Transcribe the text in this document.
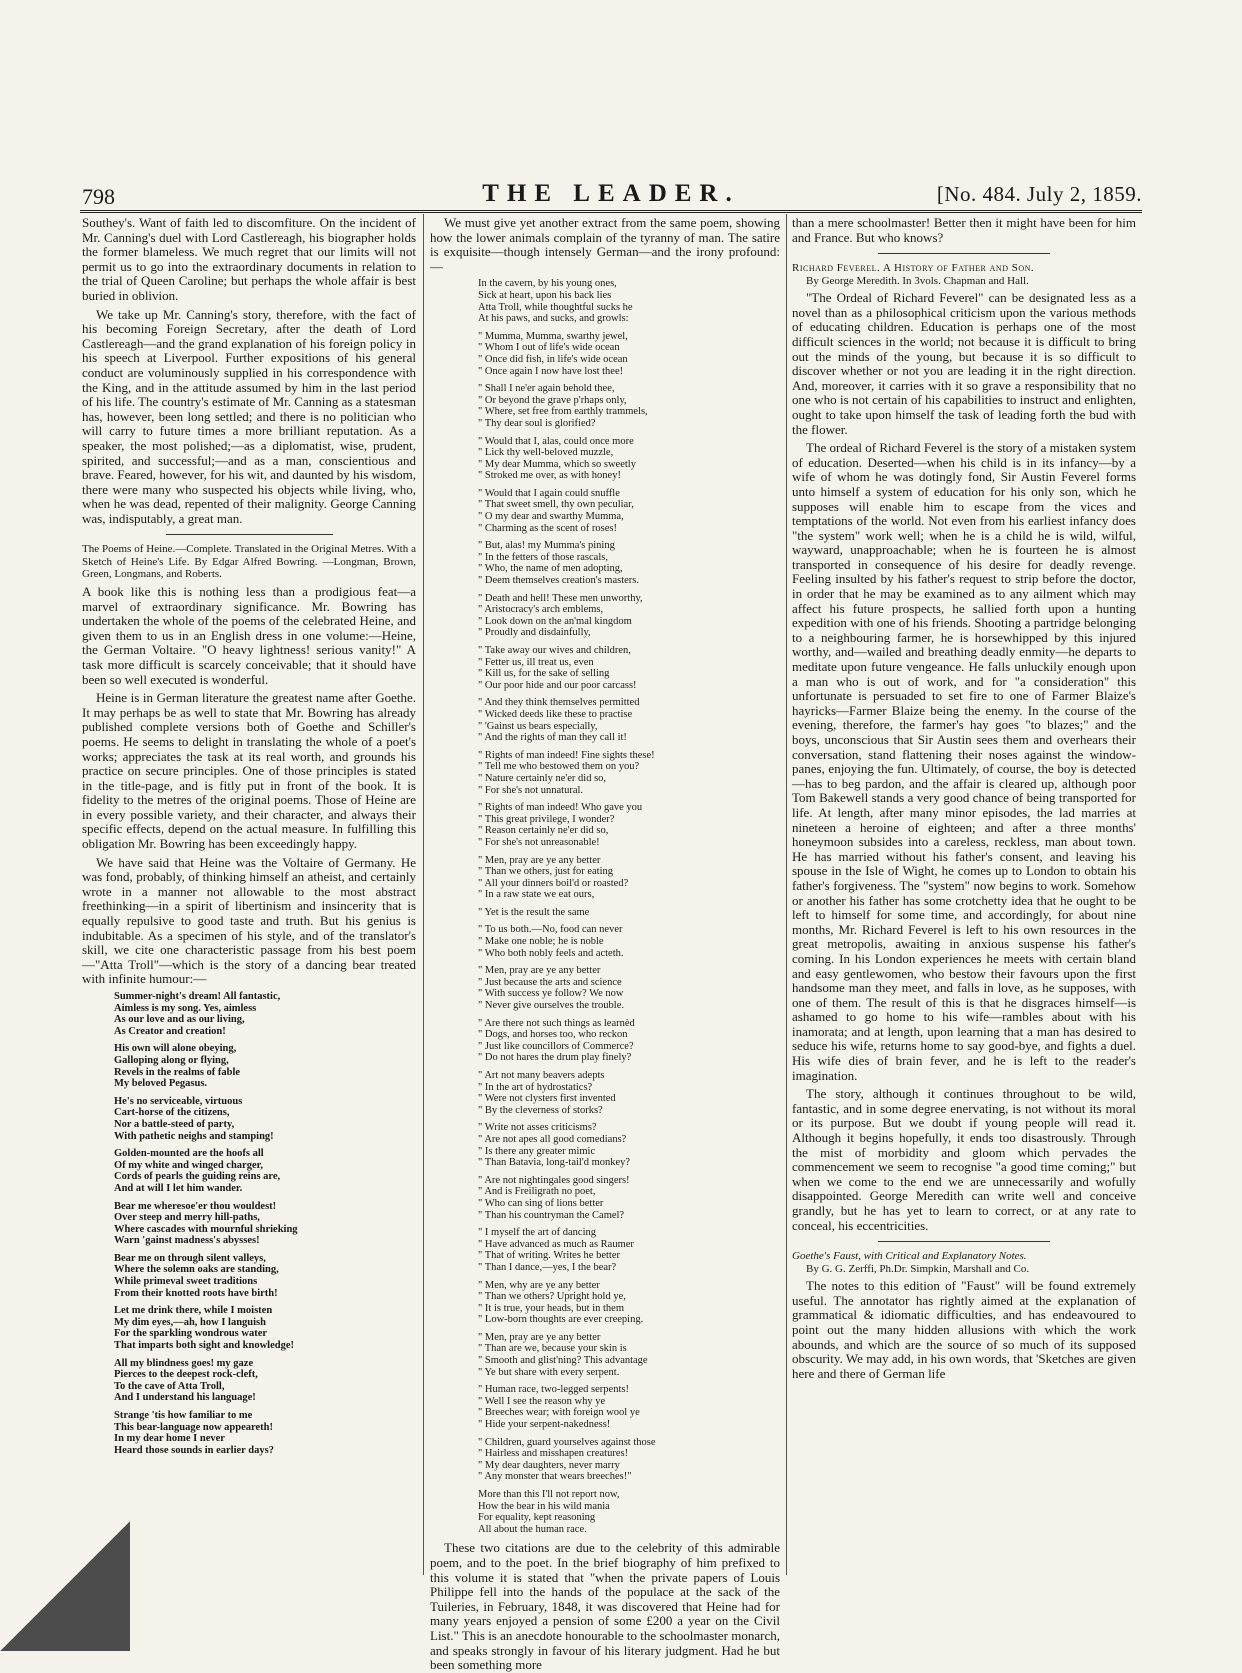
798	THE LEADER.	[No. 484. July 2, 1859.

Southey's. Want of faith led to discomfiture. On the incident of Mr. Canning's duel with Lord Castlereagh, his biographer holds the former blameless. We much regret that our limits will not permit us to go into the extraordinary documents in relation to the trial of Queen Caroline; but perhaps the whole affair is best buried in oblivion.

We take up Mr. Canning's story, therefore, with the fact of his becoming Foreign Secretary, after the death of Lord Castlereagh—and the grand explanation of his foreign policy in his speech at Liverpool. Further expositions of his general conduct are voluminously supplied in his correspondence with the King, and in the attitude assumed by him in the last period of his life. The country's estimate of Mr. Canning as a statesman has, however, been long settled; and there is no politician who will carry to future times a more brilliant reputation. As a speaker, the most polished;—as a diplomatist, wise, prudent, spirited, and successful;—and as a man, conscientious and brave. Feared, however, for his wit, and daunted by his wisdom, there were many who suspected his objects while living, who, when he was dead, repented of their malignity. George Canning was, indisputably, a great man.

The Poems of Heine.—Complete. Translated in the Original Metres. With a Sketch of Heine's Life. By Edgar Alfred Bowring. —Longman, Brown, Green, Longmans, and Roberts.

A book like this is nothing less than a prodigious feat—a marvel of extraordinary significance. Mr. Bowring has undertaken the whole of the poems of the celebrated Heine, and given them to us in an English dress in one volume:—Heine, the German Voltaire. "O heavy lightness! serious vanity!" A task more difficult is scarcely conceivable; that it should have been so well executed is wonderful.

Heine is in German literature the greatest name after Goethe. It may perhaps be as well to state that Mr. Bowring has already published complete versions both of Goethe and Schiller's poems. He seems to delight in translating the whole of a poet's works; appreciates the task at its real worth, and grounds his practice on secure principles. One of those principles is stated in the title-page, and is fitly put in front of the book. It is fidelity to the metres of the original poems. Those of Heine are in every possible variety, and their character, and always their specific effects, depend on the actual measure. In fulfilling this obligation Mr. Bowring has been exceedingly happy.

We have said that Heine was the Voltaire of Germany. He was fond, probably, of thinking himself an atheist, and certainly wrote in a manner not allowable to the most abstract freethinking—in a spirit of libertinism and insincerity that is equally repulsive to good taste and truth. But his genius is indubitable. As a specimen of his style, and of the translator's skill, we cite one characteristic passage from his best poem—"Atta Troll"—which is the story of a dancing bear treated with infinite humour:—

Summer-night's dream! All fantastic,
Aimless is my song. Yes, aimless
As our love and as our living,
As Creator and creation!
His own will alone obeying,
Galloping along or flying,
Revels in the realms of fable
My beloved Pegasus.
He's no serviceable, virtuous
Cart-horse of the citizens,
Nor a battle-steed of party,
With pathetic neighs and stamping!
Golden-mounted are the hoofs all
Of my white and winged charger,
Cords of pearls the guiding reins are,
And at will I let him wander.
Bear me wheresoe'er thou wouldest!
Over steep and merry hill-paths,
Where cascades with mournful shrieking
Warn 'gainst madness's abysses!
Bear me on through silent valleys,
Where the solemn oaks are standing,
While primeval sweet traditions
From their knotted roots have birth!
Let me drink there, while I moisten
My dim eyes,—ah, how I languish
For the sparkling wondrous water
That imparts both sight and knowledge!
All my blindness goes! my gaze
Pierces to the deepest rock-cleft,
To the cave of Atta Troll,
And I understand his language!
Strange 'tis how familiar to me
This bear-language now appeareth!
In my dear home I never
Heard those sounds in earlier days?

We must give yet another extract from the same poem, showing how the lower animals complain of the tyranny of man. The satire is exquisite—though intensely German—and the irony profound:—

In the cavern, by his young ones,
Sick at heart, upon his back lies
Atta Troll, while thoughtful sucks he
At his paws, and sucks, and growls:
" Mumma, Mumma, swarthy jewel,
" Whom I out of life's wide ocean
" Once did fish, in life's wide ocean
" Once again I now have lost thee!
" Shall I ne'er again behold thee,
" Or beyond the grave p'rhaps only,
" Where, set free from earthly trammels,
" Thy dear soul is glorified?
" Would that I, alas, could once more
" Lick thy well-beloved muzzle,
" My dear Mumma, which so sweetly
" Stroked me over, as with honey!
" Would that I again could snuffle
" That sweet smell, thy own peculiar,
" O my dear and swarthy Mumma,
" Charming as the scent of roses!
" But, alas! my Mumma's pining
" In the fetters of those rascals,
" Who, the name of men adopting,
" Deem themselves creation's masters.
" Death and hell! These men unworthy,
" Aristocracy's arch emblems,
" Look down on the an'mal kingdom
" Proudly and disdainfully,
" Take away our wives and children,
" Fetter us, ill treat us, even
" Kill us, for the sake of selling
" Our poor hide and our poor carcass!
" And they think themselves permitted
" Wicked deeds like these to practise
" 'Gainst us bears especially,
" And the rights of man they call it!
" Rights of man indeed! Fine sights these!
" Tell me who bestowed them on you?
" Nature certainly ne'er did so,
" For she's not unnatural.
" Rights of man indeed! Who gave you
" This great privilege, I wonder?
" Reason certainly ne'er did so,
" For she's not unreasonable!
" Men, pray are ye any better
" Than we others, just for eating
" All your dinners boil'd or roasted?
" In a raw state we eat ours,
" Yet is the result the same
" To us both.—No, food can never
" Make one noble; he is noble
" Who both nobly feels and acteth.
" Men, pray are ye any better
" Just because the arts and science
" With success ye follow? We now
" Never give ourselves the trouble.
" Are there not such things as learnèd
" Dogs, and horses too, who reckon
" Just like councillors of Commerce?
" Do not hares the drum play finely?
" Art not many beavers adepts
" In the art of hydrostatics?
" Were not clysters first invented
" By the cleverness of storks?
" Write not asses criticisms?
" Are not apes all good comedians?
" Is there any greater mimic
" Than Batavia, long-tail'd monkey?
" Are not nightingales good singers!
" And is Freiligrath no poet,
" Who can sing of lions better
" Than his countryman the Camel?
" I myself the art of dancing
" Have advanced as much as Raumer
" That of writing. Writes he better
" Than I dance,—yes, I the bear?
" Men, why are ye any better
" Than we others? Upright hold ye,
" It is true, your heads, but in them
" Low-born thoughts are ever creeping.
" Men, pray are ye any better
" Than are we, because your skin is
" Smooth and glist'ning? This advantage
" Ye but share with every serpent.
" Human race, two-legged serpents!
" Well I see the reason why ye
" Breeches wear; with foreign wool ye
" Hide your serpent-nakedness!
" Children, guard yourselves against those
" Hairless and misshapen creatures!
" My dear daughters, never marry
" Any monster that wears breeches!"
More than this I'll not report now,
How the bear in his wild mania
For equality, kept reasoning
All about the human race.

These two citations are due to the celebrity of this admirable poem, and to the poet. In the brief biography of him prefixed to this volume it is stated that "when the private papers of Louis Philippe fell into the hands of the populace at the sack of the Tuileries, in February, 1848, it was discovered that Heine had for many years enjoyed a pension of some £200 a year on the Civil List." This is an anecdote honourable to the schoolmaster monarch, and speaks strongly in favour of his literary judgment. Had he but been something more

than a mere schoolmaster! Better then it might have been for him and France. But who knows?

Richard Feverel. A History of Father and Son.
By George Meredith. In 3vols. Chapman and Hall.

"The Ordeal of Richard Feverel" can be designated less as a novel than as a philosophical criticism upon the various methods of educating children. Education is perhaps one of the most difficult sciences in the world; not because it is difficult to bring out the minds of the young, but because it is so difficult to discover whether or not you are leading it in the right direction. And, moreover, it carries with it so grave a responsibility that no one who is not certain of his capabilities to instruct and enlighten, ought to take upon himself the task of leading forth the bud with the flower.

The ordeal of Richard Feverel is the story of a mistaken system of education. Deserted—when his child is in its infancy—by a wife of whom he was dotingly fond, Sir Austin Feverel forms unto himself a system of education for his only son, which he supposes will enable him to escape from the vices and temptations of the world. Not even from his earliest infancy does "the system" work well; when he is a child he is wild, wilful, wayward, unapproachable; when he is fourteen he is almost transported in consequence of his desire for deadly revenge. Feeling insulted by his father's request to strip before the doctor, in order that he may be examined as to any ailment which may affect his future prospects, he sallied forth upon a hunting expedition with one of his friends. Shooting a partridge belonging to a neighbouring farmer, he is horsewhipped by this injured worthy, and—wailed and breathing deadly enmity—he departs to meditate upon future vengeance. He falls unluckily enough upon a man who is out of work, and for "a consideration" this unfortunate is persuaded to set fire to one of Farmer Blaize's hayricks—Farmer Blaize being the enemy. In the course of the evening, therefore, the farmer's hay goes "to blazes;" and the boys, unconscious that Sir Austin sees them and overhears their conversation, stand flattening their noses against the window-panes, enjoying the fun. Ultimately, of course, the boy is detected—has to beg pardon, and the affair is cleared up, although poor Tom Bakewell stands a very good chance of being transported for life. At length, after many minor episodes, the lad marries at nineteen a heroine of eighteen; and after a three months' honeymoon subsides into a careless, reckless, man about town. He has married without his father's consent, and leaving his spouse in the Isle of Wight, he comes up to London to obtain his father's forgiveness. The "system" now begins to work. Somehow or another his father has some crotchetty idea that he ought to be left to himself for some time, and accordingly, for about nine months, Mr. Richard Feverel is left to his own resources in the great metropolis, awaiting in anxious suspense his father's coming. In his London experiences he meets with certain bland and easy gentlewomen, who bestow their favours upon the first handsome man they meet, and falls in love, as he supposes, with one of them. The result of this is that he disgraces himself—is ashamed to go home to his wife—rambles about with his inamorata; and at length, upon learning that a man has desired to seduce his wife, returns home to say good-bye, and fights a duel. His wife dies of brain fever, and he is left to the reader's imagination.

The story, although it continues throughout to be wild, fantastic, and in some degree enervating, is not without its moral or its purpose. But we doubt if young people will read it. Although it begins hopefully, it ends too disastrously. Through the mist of morbidity and gloom which pervades the commencement we seem to recognise "a good time coming;" but when we come to the end we are unnecessarily and wofully disappointed. George Meredith can write well and conceive grandly, but he has yet to learn to correct, or at any rate to conceal, his eccentricities.

Goethe's Faust, with Critical and Explanatory Notes.
By G. G. Zerffi, Ph.Dr. Simpkin, Marshall and Co.

The notes to this edition of "Faust" will be found extremely useful. The annotator has rightly aimed at the explanation of grammatical & idiomatic difficulties, and has endeavoured to point out the many hidden allusions with which the work abounds, and which are the source of so much of its supposed obscurity. We may add, in his own words, that 'Sketches are given here and there of German life
